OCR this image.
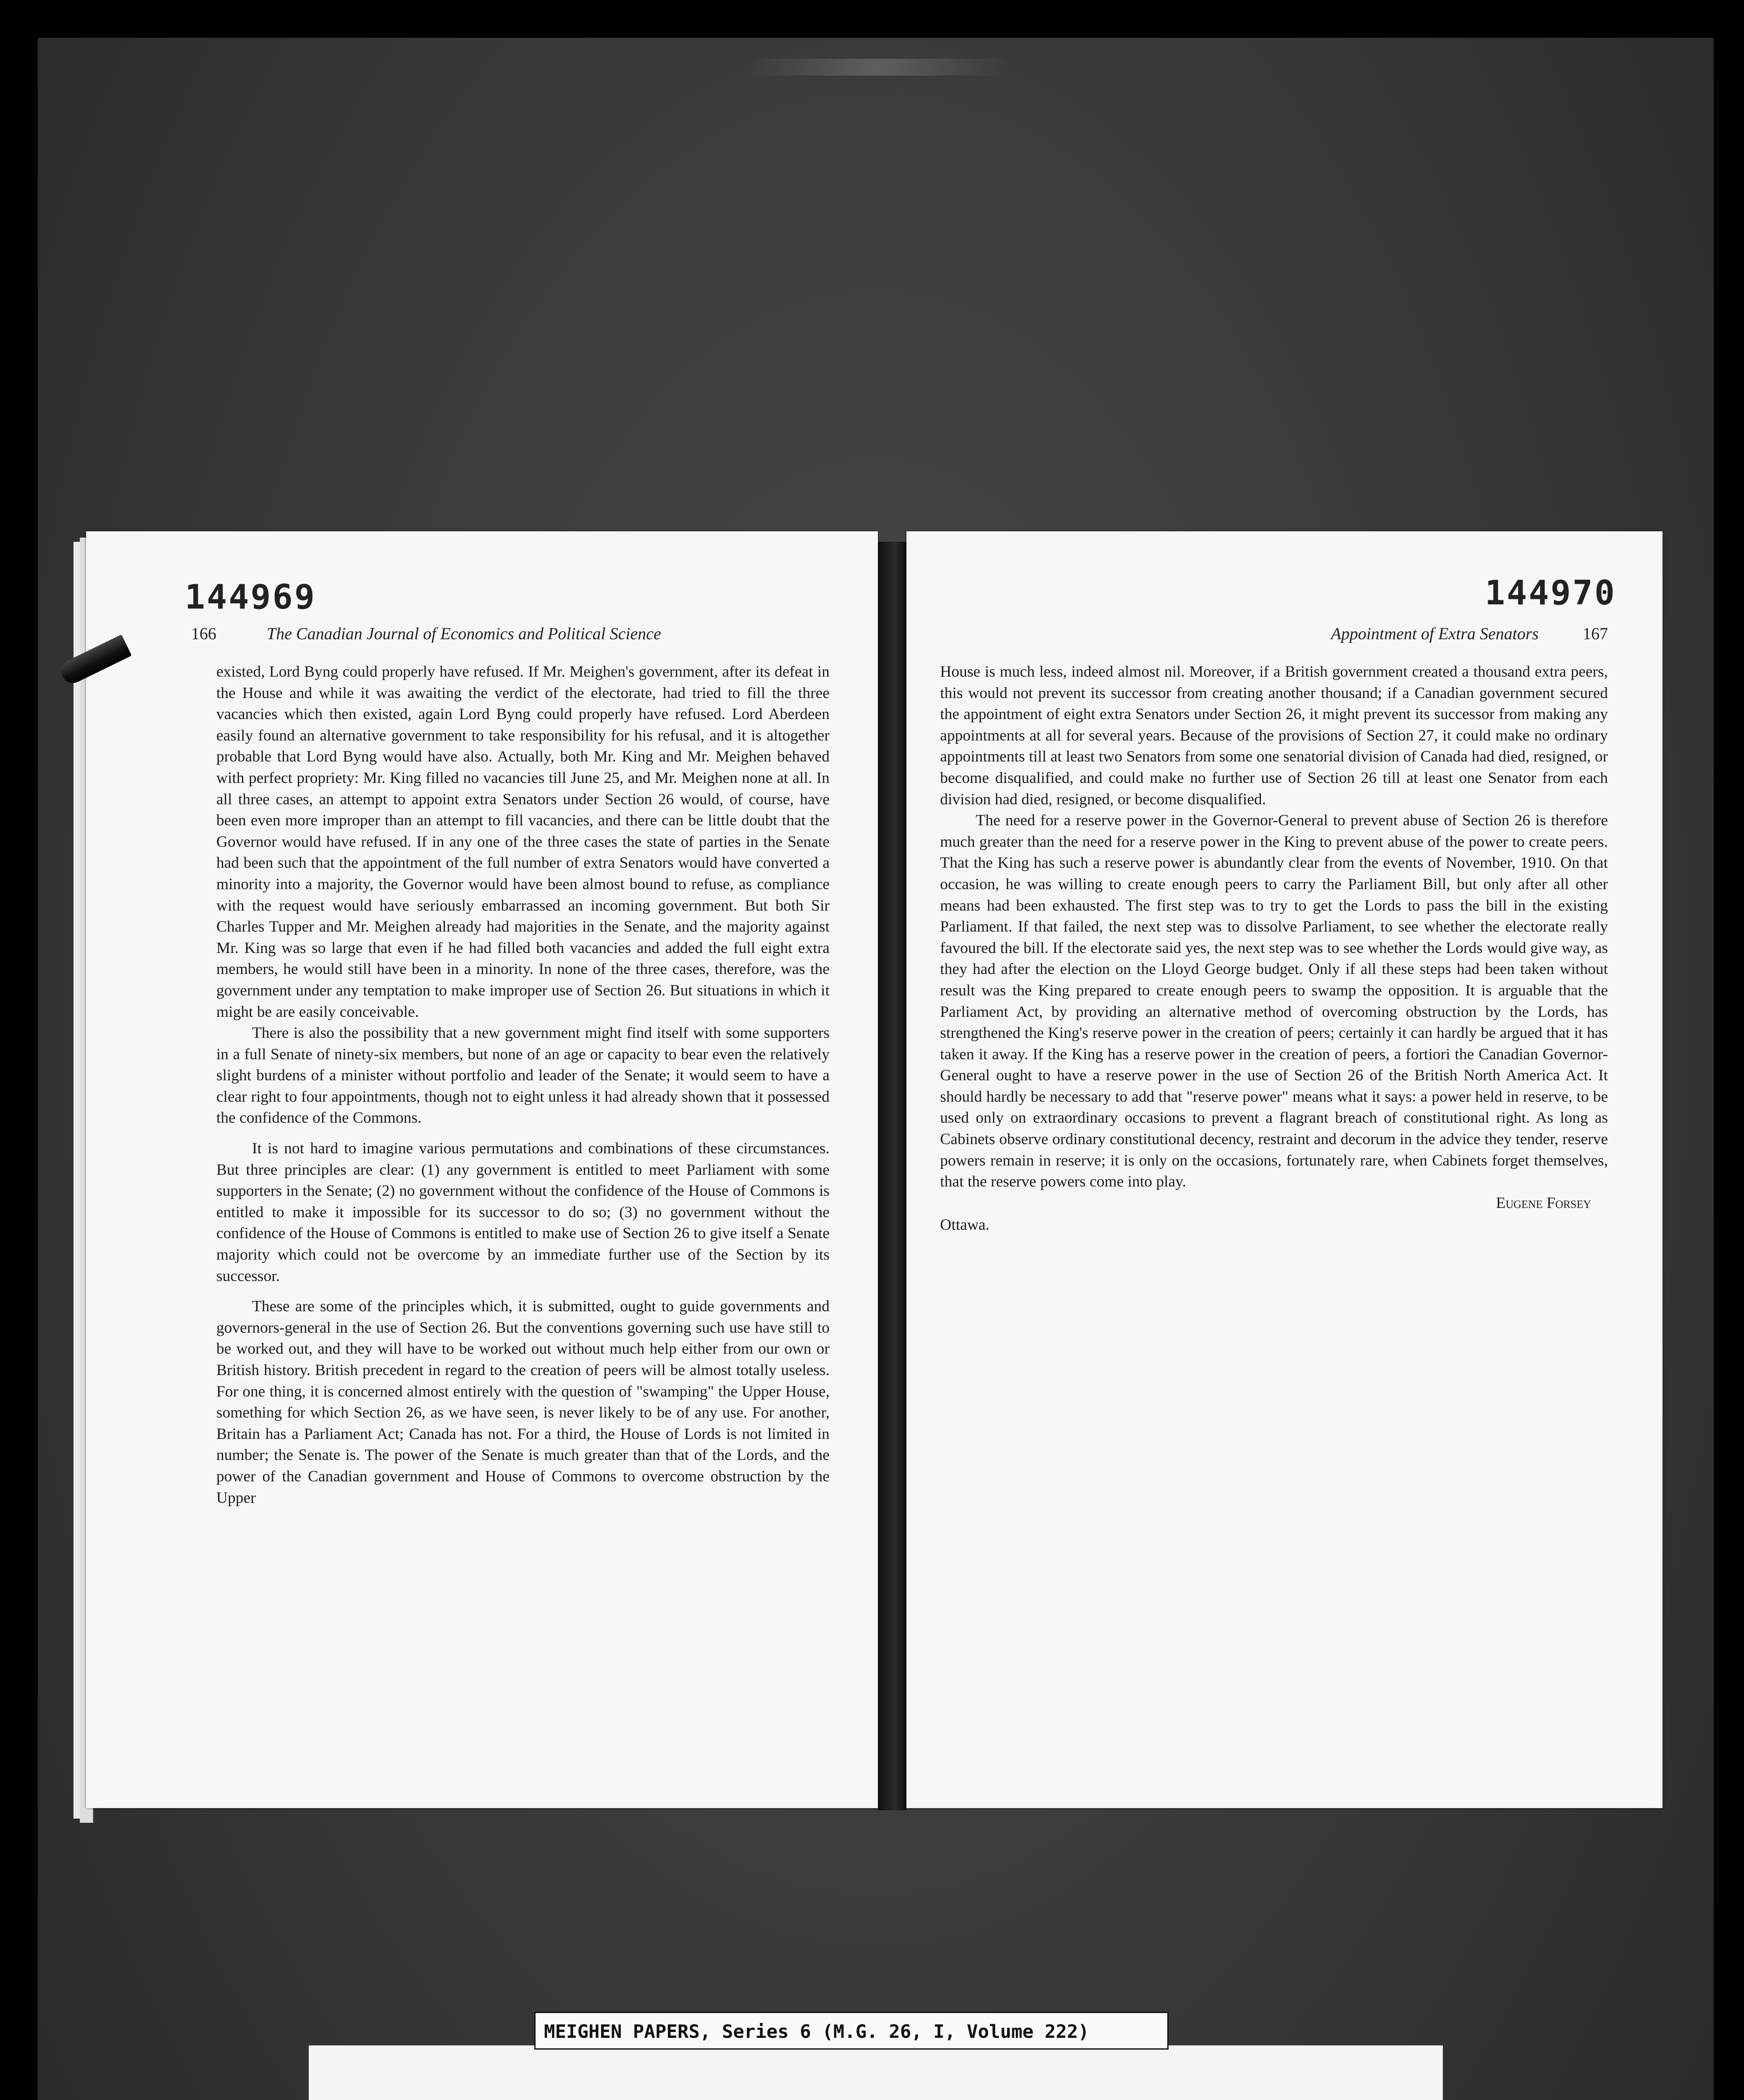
144969
166	The Canadian Journal of Economics and Political Science

existed, Lord Byng could properly have refused. If Mr. Meighen's government, after its defeat in the House and while it was awaiting the verdict of the electorate, had tried to fill the three vacancies which then existed, again Lord Byng could properly have refused. Lord Aberdeen easily found an alternative government to take responsibility for his refusal, and it is altogether probable that Lord Byng would have also. Actually, both Mr. King and Mr. Meighen behaved with perfect propriety: Mr. King filled no vacancies till June 25, and Mr. Meighen none at all. In all three cases, an attempt to appoint extra Senators under Section 26 would, of course, have been even more improper than an attempt to fill vacancies, and there can be little doubt that the Governor would have refused. If in any one of the three cases the state of parties in the Senate had been such that the appointment of the full number of extra Senators would have converted a minority into a majority, the Governor would have been almost bound to refuse, as compliance with the request would have seriously embarrassed an incoming government. But both Sir Charles Tupper and Mr. Meighen already had majorities in the Senate, and the majority against Mr. King was so large that even if he had filled both vacancies and added the full eight extra members, he would still have been in a minority. In none of the three cases, therefore, was the government under any temptation to make improper use of Section 26. But situations in which it might be are easily conceivable.

There is also the possibility that a new government might find itself with some supporters in a full Senate of ninety-six members, but none of an age or capacity to bear even the relatively slight burdens of a minister without portfolio and leader of the Senate; it would seem to have a clear right to four appointments, though not to eight unless it had already shown that it possessed the confidence of the Commons.

It is not hard to imagine various permutations and combinations of these circumstances. But three principles are clear: (1) any government is entitled to meet Parliament with some supporters in the Senate; (2) no government without the confidence of the House of Commons is entitled to make it impossible for its successor to do so; (3) no government without the confidence of the House of Commons is entitled to make use of Section 26 to give itself a Senate majority which could not be overcome by an immediate further use of the Section by its successor.

These are some of the principles which, it is submitted, ought to guide governments and governors-general in the use of Section 26. But the conventions governing such use have still to be worked out, and they will have to be worked out without much help either from our own or British history. British precedent in regard to the creation of peers will be almost totally useless. For one thing, it is concerned almost entirely with the question of "swamping" the Upper House, something for which Section 26, as we have seen, is never likely to be of any use. For another, Britain has a Parliament Act; Canada has not. For a third, the House of Lords is not limited in number; the Senate is. The power of the Senate is much greater than that of the Lords, and the power of the Canadian government and House of Commons to overcome obstruction by the Upper

144970
Appointment of Extra Senators	167

House is much less, indeed almost nil. Moreover, if a British government created a thousand extra peers, this would not prevent its successor from creating another thousand; if a Canadian government secured the appointment of eight extra Senators under Section 26, it might prevent its successor from making any appointments at all for several years. Because of the provisions of Section 27, it could make no ordinary appointments till at least two Senators from some one senatorial division of Canada had died, resigned, or become disqualified, and could make no further use of Section 26 till at least one Senator from each division had died, resigned, or become disqualified.

The need for a reserve power in the Governor-General to prevent abuse of Section 26 is therefore much greater than the need for a reserve power in the King to prevent abuse of the power to create peers. That the King has such a reserve power is abundantly clear from the events of November, 1910. On that occasion, he was willing to create enough peers to carry the Parliament Bill, but only after all other means had been exhausted. The first step was to try to get the Lords to pass the bill in the existing Parliament. If that failed, the next step was to dissolve Parliament, to see whether the electorate really favoured the bill. If the electorate said yes, the next step was to see whether the Lords would give way, as they had after the election on the Lloyd George budget. Only if all these steps had been taken without result was the King prepared to create enough peers to swamp the opposition. It is arguable that the Parliament Act, by providing an alternative method of overcoming obstruction by the Lords, has strengthened the King's reserve power in the creation of peers; certainly it can hardly be argued that it has taken it away. If the King has a reserve power in the creation of peers, a fortiori the Canadian Governor-General ought to have a reserve power in the use of Section 26 of the British North America Act. It should hardly be necessary to add that "reserve power" means what it says: a power held in reserve, to be used only on extraordinary occasions to prevent a flagrant breach of constitutional right. As long as Cabinets observe ordinary constitutional decency, restraint and decorum in the advice they tender, reserve powers remain in reserve; it is only on the occasions, fortunately rare, when Cabinets forget themselves, that the reserve powers come into play.

Eugene Forsey

Ottawa.

MEIGHEN PAPERS, Series 6 (M.G. 26, I, Volume 222)
